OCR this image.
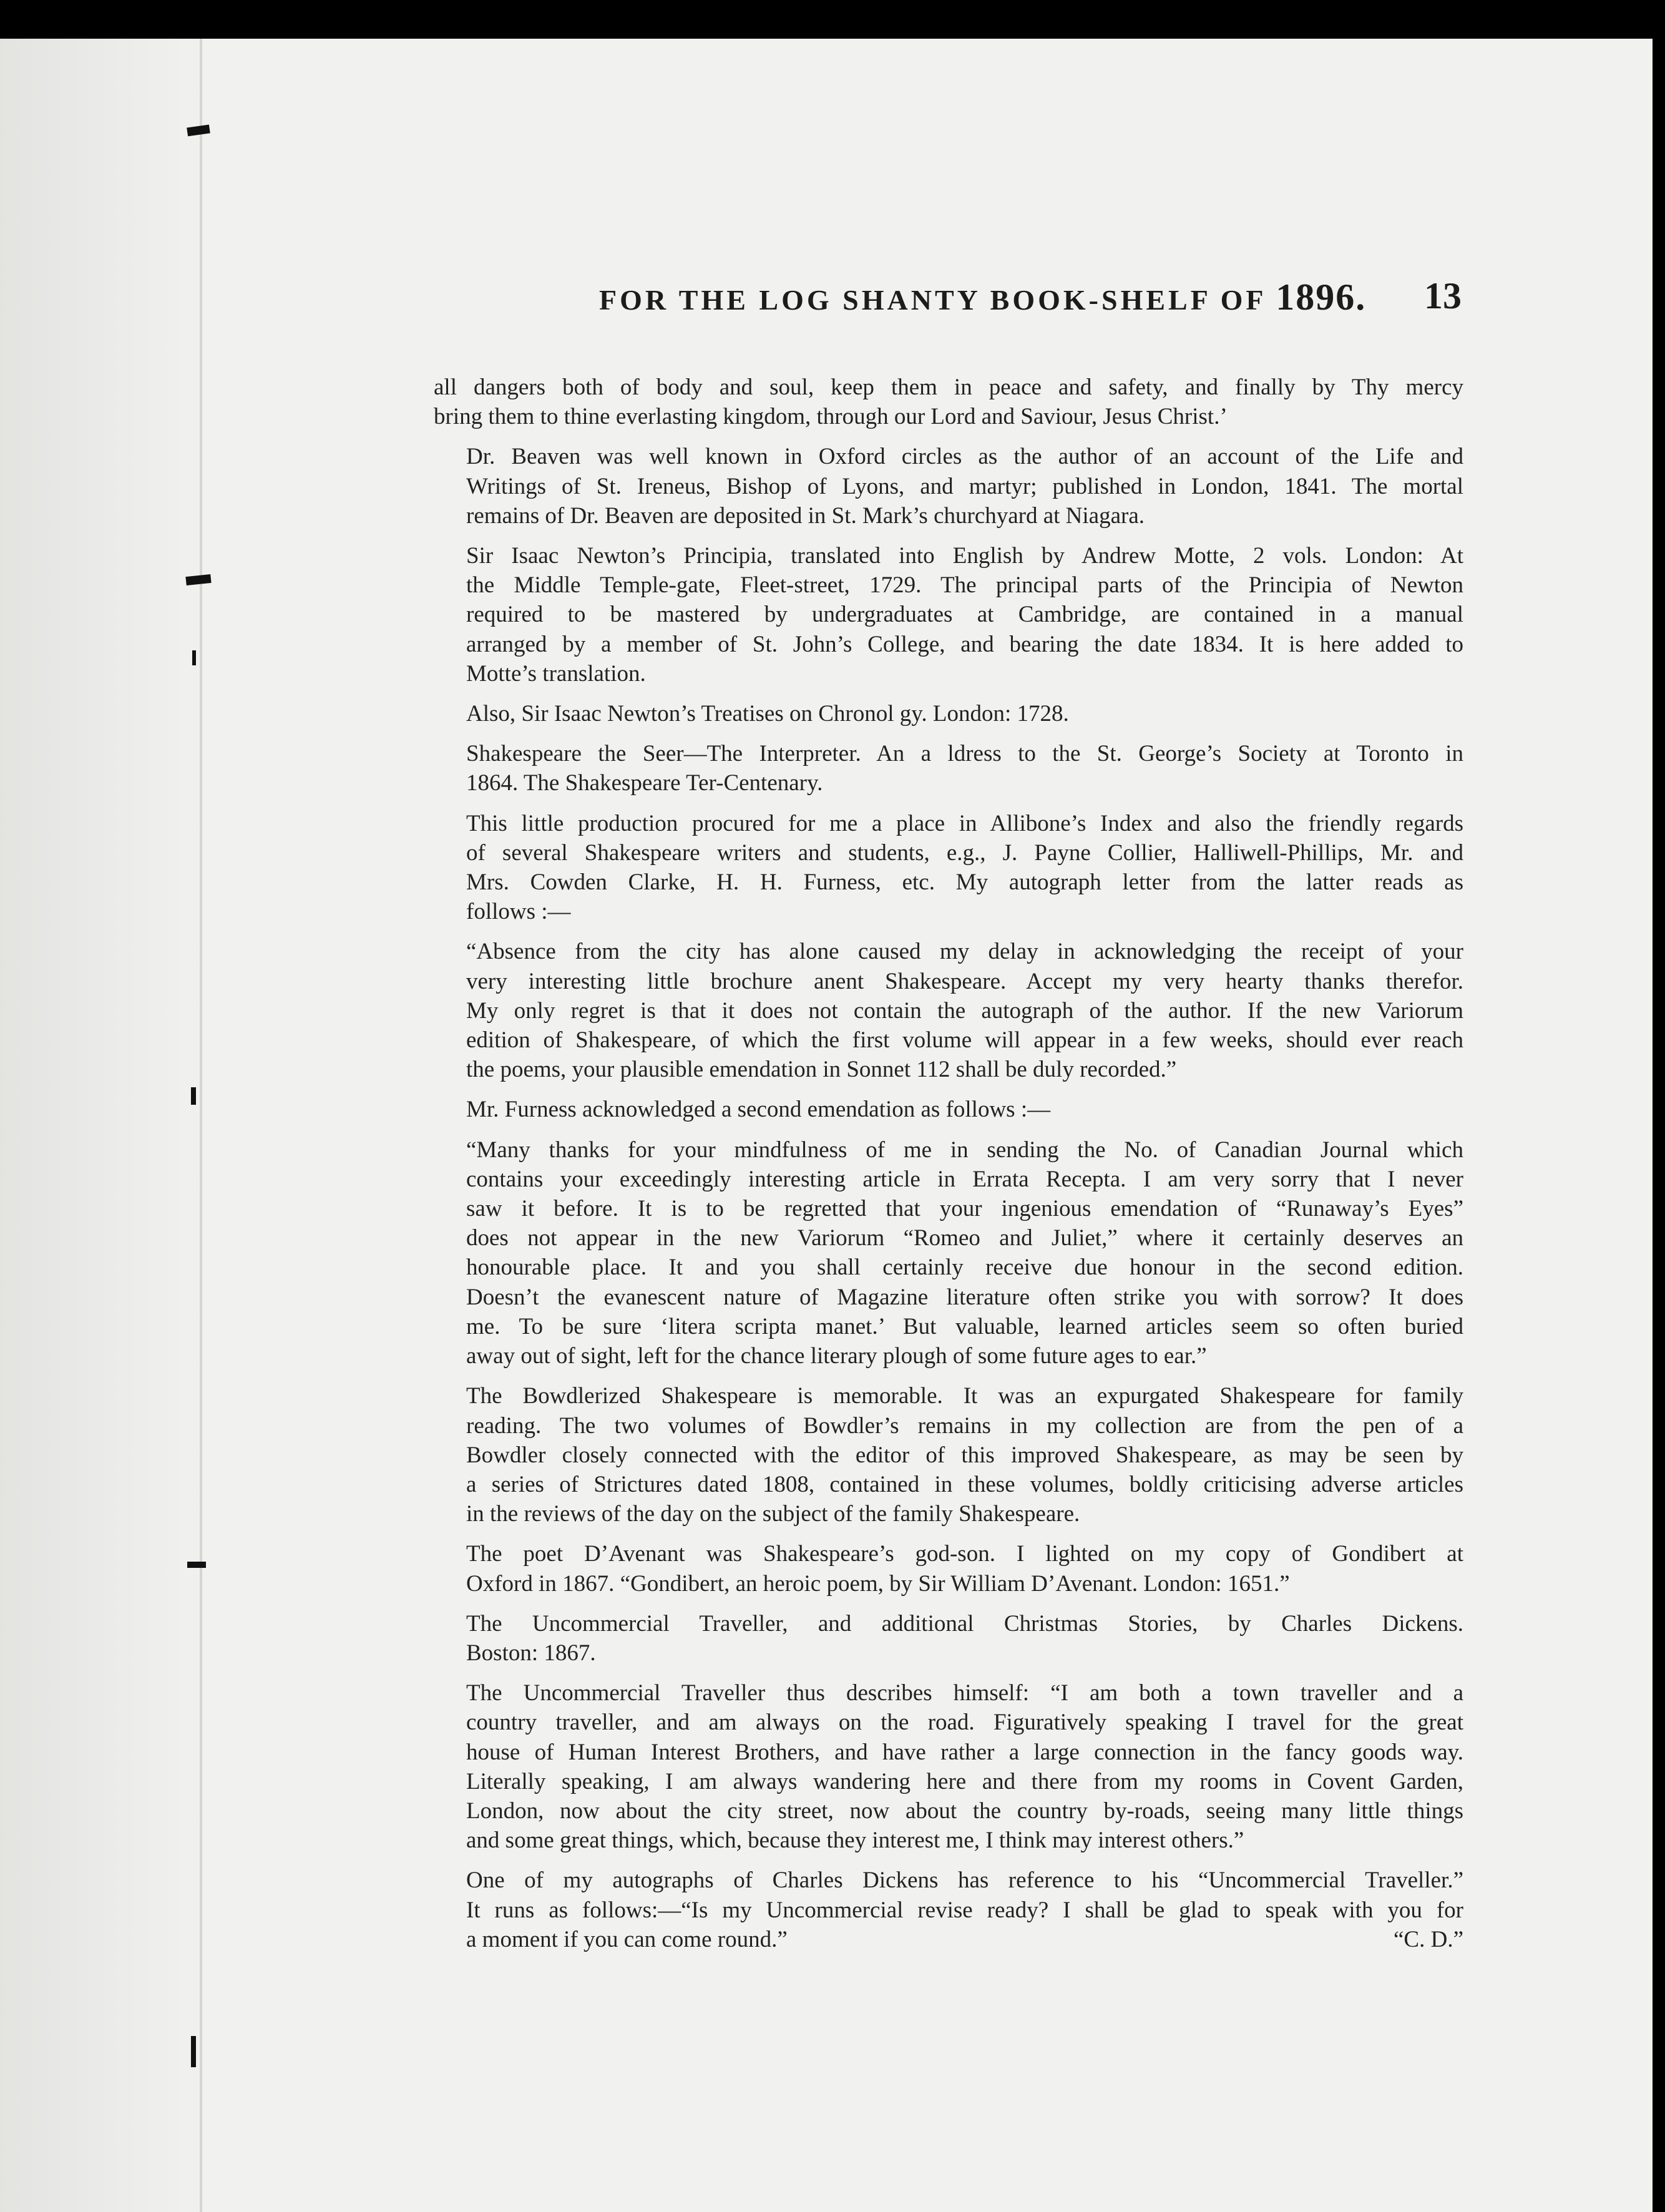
FOR THE LOG SHANTY BOOK-SHELF OF 1896.	13

all dangers both of body and soul, keep them in peace and safety, and finally by Thy mercy
bring them to thine everlasting kingdom, through our Lord and Saviour, Jesus Christ.’

Dr. Beaven was well known in Oxford circles as the author of an account of the Life and
Writings of St. Ireneus, Bishop of Lyons, and martyr; published in London, 1841. The mortal
remains of Dr. Beaven are deposited in St. Mark’s churchyard at Niagara.

Sir Isaac Newton’s Principia, translated into English by Andrew Motte, 2 vols. London: At
the Middle Temple-gate, Fleet-street, 1729. The principal parts of the Principia of Newton
required to be mastered by undergraduates at Cambridge, are contained in a manual
arranged by a member of St. John’s College, and bearing the date 1834. It is here added to
Motte’s translation.

Also, Sir Isaac Newton’s Treatises on Chronol gy. London: 1728.

Shakespeare the Seer—The Interpreter. An a ldress to the St. George’s Society at Toronto in
1864. The Shakespeare Ter-Centenary.

This little production procured for me a place in Allibone’s Index and also the friendly regards
of several Shakespeare writers and students, e.g., J. Payne Collier, Halliwell-Phillips, Mr. and
Mrs. Cowden Clarke, H. H. Furness, etc. My autograph letter from the latter reads as
follows :—

“Absence from the city has alone caused my delay in acknowledging the receipt of your
very interesting little brochure anent Shakespeare. Accept my very hearty thanks therefor.
My only regret is that it does not contain the autograph of the author. If the new Variorum
edition of Shakespeare, of which the first volume will appear in a few weeks, should ever reach
the poems, your plausible emendation in Sonnet 112 shall be duly recorded.”

Mr. Furness acknowledged a second emendation as follows :—

“Many thanks for your mindfulness of me in sending the No. of Canadian Journal which
contains your exceedingly interesting article in Errata Recepta. I am very sorry that I never
saw it before. It is to be regretted that your ingenious emendation of “Runaway’s Eyes”
does not appear in the new Variorum “Romeo and Juliet,” where it certainly deserves an
honourable place. It and you shall certainly receive due honour in the second edition.
Doesn’t the evanescent nature of Magazine literature often strike you with sorrow? It does
me. To be sure ‘litera scripta manet.’ But valuable, learned articles seem so often buried
away out of sight, left for the chance literary plough of some future ages to ear.”

The Bowdlerized Shakespeare is memorable. It was an expurgated Shakespeare for family
reading. The two volumes of Bowdler’s remains in my collection are from the pen of a
Bowdler closely connected with the editor of this improved Shakespeare, as may be seen by
a series of Strictures dated 1808, contained in these volumes, boldly criticising adverse articles
in the reviews of the day on the subject of the family Shakespeare.

The poet D’Avenant was Shakespeare’s god-son. I lighted on my copy of Gondibert at
Oxford in 1867. “Gondibert, an heroic poem, by Sir William D’Avenant. London: 1651.”

The Uncommercial Traveller, and additional Christmas Stories, by Charles Dickens.
Boston: 1867.

The Uncommercial Traveller thus describes himself: “I am both a town traveller and a
country traveller, and am always on the road. Figuratively speaking I travel for the great
house of Human Interest Brothers, and have rather a large connection in the fancy goods way.
Literally speaking, I am always wandering here and there from my rooms in Covent Garden,
London, now about the city street, now about the country by-roads, seeing many little things
and some great things, which, because they interest me, I think may interest others.”

One of my autographs of Charles Dickens has reference to his “Uncommercial Traveller.”
It runs as follows:—“Is my Uncommercial revise ready? I shall be glad to speak with you for
a moment if you can come round.”	“C. D.”
